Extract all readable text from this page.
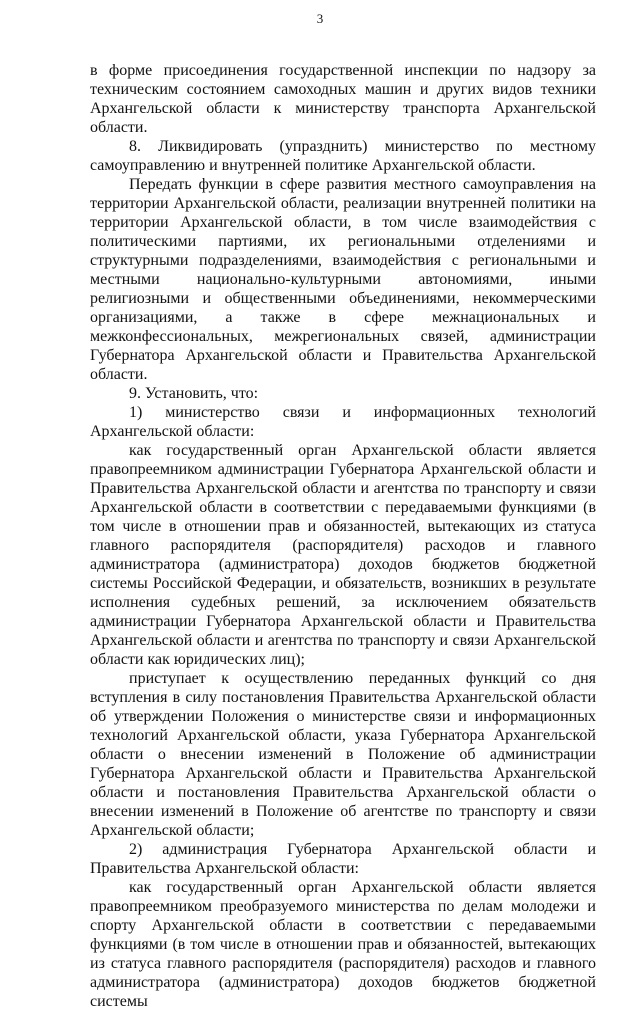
3

в форме присоединения государственной инспекции по надзору за техническим состоянием самоходных машин и других видов техники Архангельской области к министерству транспорта Архангельской области.

8. Ликвидировать (упразднить) министерство по местному самоуправлению и внутренней политике Архангельской области.

Передать функции в сфере развития местного самоуправления на территории Архангельской области, реализации внутренней политики на территории Архангельской области, в том числе взаимодействия с политическими партиями, их региональными отделениями и структурными подразделениями, взаимодействия с региональными и местными национально-культурными автономиями, иными религиозными и общественными объединениями, некоммерческими организациями, а также в сфере межнациональных и межконфессиональных, межрегиональных связей, администрации Губернатора Архангельской области и Правительства Архангельской области.

9. Установить, что:

1) министерство связи и информационных технологий Архангельской области:

как государственный орган Архангельской области является правопреемником администрации Губернатора Архангельской области и Правительства Архангельской области и агентства по транспорту и связи Архангельской области в соответствии с передаваемыми функциями (в том числе в отношении прав и обязанностей, вытекающих из статуса главного распорядителя (распорядителя) расходов и главного администратора (администратора) доходов бюджетов бюджетной системы Российской Федерации, и обязательств, возникших в результате исполнения судебных решений, за исключением обязательств администрации Губернатора Архангельской области и Правительства Архангельской области и агентства по транспорту и связи Архангельской области как юридических лиц);

приступает к осуществлению переданных функций со дня вступления в силу постановления Правительства Архангельской области об утверждении Положения о министерстве связи и информационных технологий Архангельской области, указа Губернатора Архангельской области о внесении изменений в Положение об администрации Губернатора Архангельской области и Правительства Архангельской области и постановления Правительства Архангельской области о внесении изменений в Положение об агентстве по транспорту и связи Архангельской области;

2) администрация Губернатора Архангельской области и Правительства Архангельской области:

как государственный орган Архангельской области является правопреемником преобразуемого министерства по делам молодежи и спорту Архангельской области в соответствии с передаваемыми функциями (в том числе в отношении прав и обязанностей, вытекающих из статуса главного распорядителя (распорядителя) расходов и главного администратора (администратора) доходов бюджетов бюджетной системы
